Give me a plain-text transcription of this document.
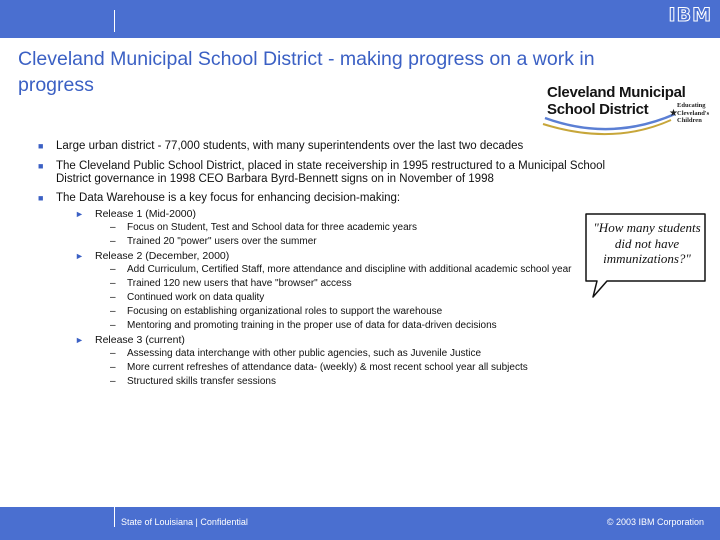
IBM
Cleveland Municipal School District - making progress on a work in progress	Cleveland Municipal
School District	★
Educating
Cleveland's
Children
■ Large urban district - 77,000 students, with many superintendents over the last two decades
■ The Cleveland Public School District, placed in state receivership in 1995 restructured to a Municipal School District governance in 1998 CEO Barbara Byrd-Bennett signs on in November of 1998
■ The Data Warehouse is a key focus for enhancing decision-making:
► Release 1 (Mid-2000)
– Focus on Student, Test and School data for three academic years
– Trained 20 "power" users over the summer
► Release 2 (December, 2000)
– Add Curriculum, Certified Staff, more attendance and discipline with additional academic school year
– Trained 120 new users that have "browser" access
– Continued work on data quality
– Focusing on establishing organizational roles to support the warehouse
– Mentoring and promoting training in the proper use of data for data-driven decisions
► Release 3 (current)
– Assessing data interchange with other public agencies, such as Juvenile Justice
– More current refreshes of attendance data- (weekly) & most recent school year all subjects
– Structured skills transfer sessions
"How many students did not have immunizations?"
State of Louisiana | Confidential	© 2003 IBM Corporation
